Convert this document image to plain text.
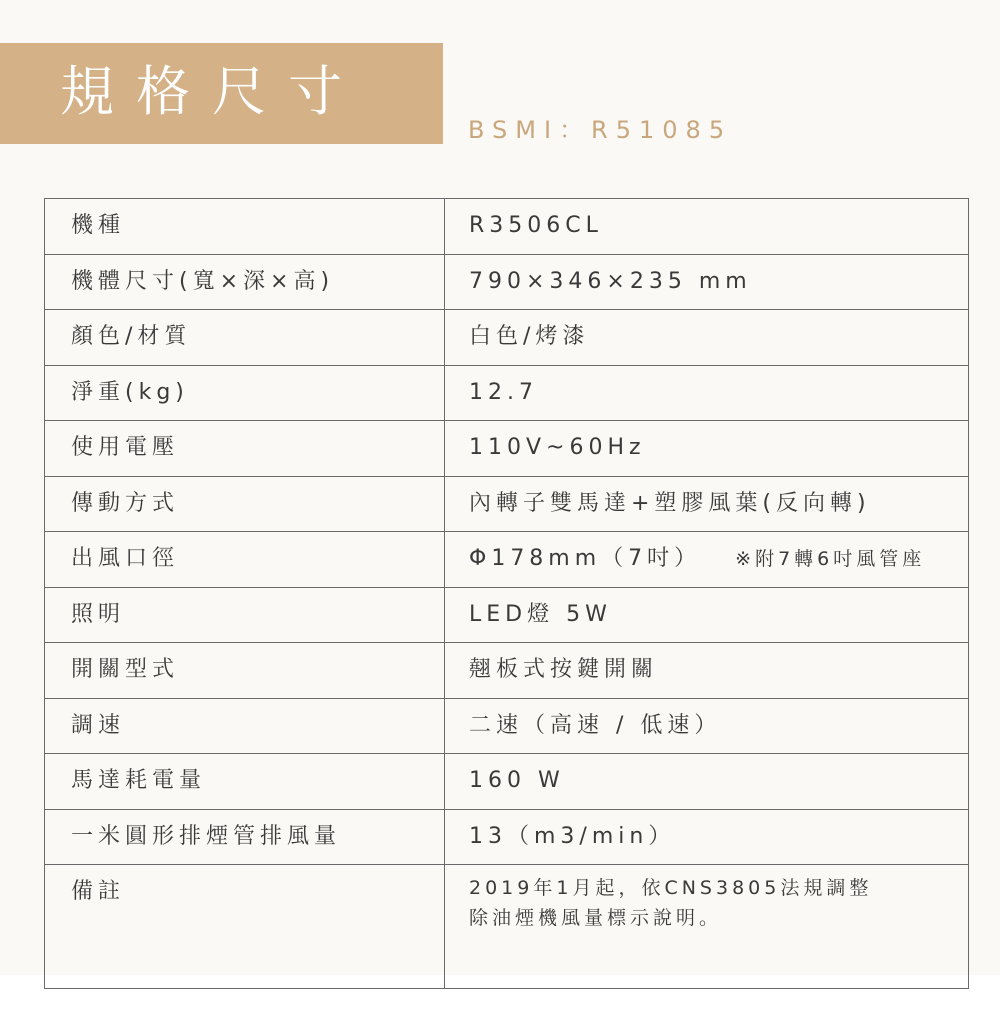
規格尺寸
BSMI：R51085
機種	R3506CL
機體尺寸(寬×深×高)	790×346×235 mm
顏色/材質	白色/烤漆
淨重(kg)	12.7
使用電壓	110V~60Hz
傳動方式	內轉子雙馬達+塑膠風葉(反向轉)
出風口徑	Φ178mm（7吋） ※附7轉6吋風管座
照明	LED燈 5W
開關型式	翹板式按鍵開關
調速	二速（高速 / 低速）
馬達耗電量	160 W
一米圓形排煙管排風量	13（m3/min）
備註	2019年1月起，依CNS3805法規調整
除油煙機風量標示說明。
